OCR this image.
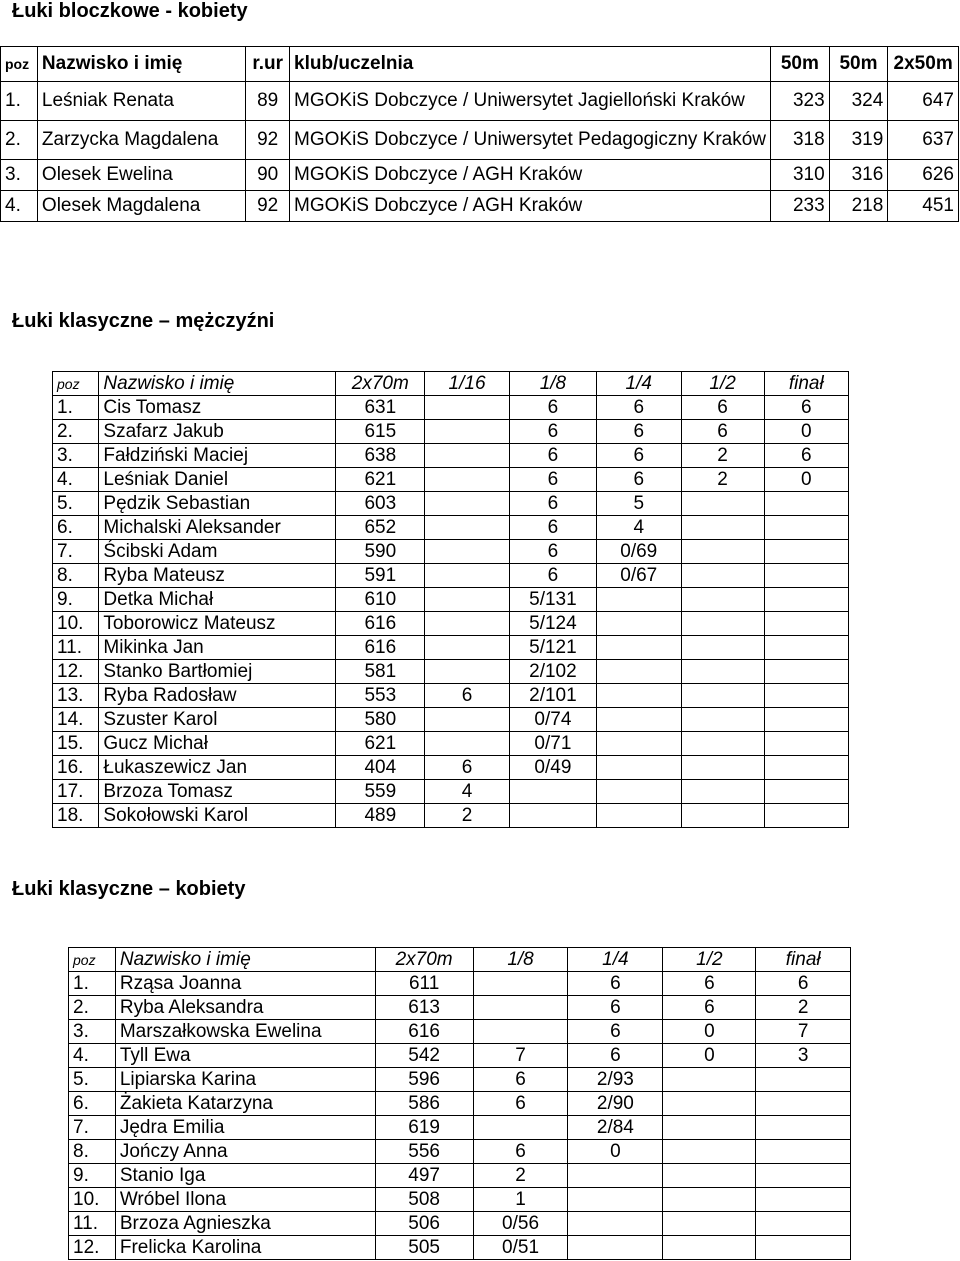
Łuki bloczkowe - kobiety
poz	Nazwisko i imię	r.ur	klub/uczelnia	50m	50m	2x50m
1.	Leśniak Renata	89	MGOKiS Dobczyce / Uniwersytet Jagielloński Kraków	323	324	647
2.	Zarzycka Magdalena	92	MGOKiS Dobczyce / Uniwersytet Pedagogiczny Kraków	318	319	637
3.	Olesek Ewelina	90	MGOKiS Dobczyce / AGH Kraków	310	316	626
4.	Olesek Magdalena	92	MGOKiS Dobczyce / AGH Kraków	233	218	451
Łuki klasyczne – mężczyźni
poz	Nazwisko i imię	2x70m	1/16	1/8	1/4	1/2	finał
1.	Cis Tomasz	631		6	6	6	6
2.	Szafarz Jakub	615		6	6	6	0
3.	Fałdziński Maciej	638		6	6	2	6
4.	Leśniak Daniel	621		6	6	2	0
5.	Pędzik Sebastian	603		6	5		
6.	Michalski Aleksander	652		6	4		
7.	Ścibski Adam	590		6	0/69		
8.	Ryba Mateusz	591		6	0/67		
9.	Detka Michał	610		5/131			
10.	Toborowicz Mateusz	616		5/124			
11.	Mikinka Jan	616		5/121			
12.	Stanko Bartłomiej	581		2/102			
13.	Ryba Radosław	553	6	2/101			
14.	Szuster Karol	580		0/74			
15.	Gucz Michał	621		0/71			
16.	Łukaszewicz Jan	404	6	0/49			
17.	Brzoza Tomasz	559	4				
18.	Sokołowski Karol	489	2				
Łuki klasyczne – kobiety
poz	Nazwisko i imię	2x70m	1/8	1/4	1/2	finał
1.	Rząsa Joanna	611		6	6	6
2.	Ryba Aleksandra	613		6	6	2
3.	Marszałkowska Ewelina	616		6	0	7
4.	Tyll Ewa	542	7	6	0	3
5.	Lipiarska Karina	596	6	2/93		
6.	Żakieta Katarzyna	586	6	2/90		
7.	Jędra Emilia	619		2/84		
8.	Jończy Anna	556	6	0		
9.	Stanio Iga	497	2			
10.	Wróbel Ilona	508	1			
11.	Brzoza Agnieszka	506	0/56			
12.	Frelicka Karolina	505	0/51			
